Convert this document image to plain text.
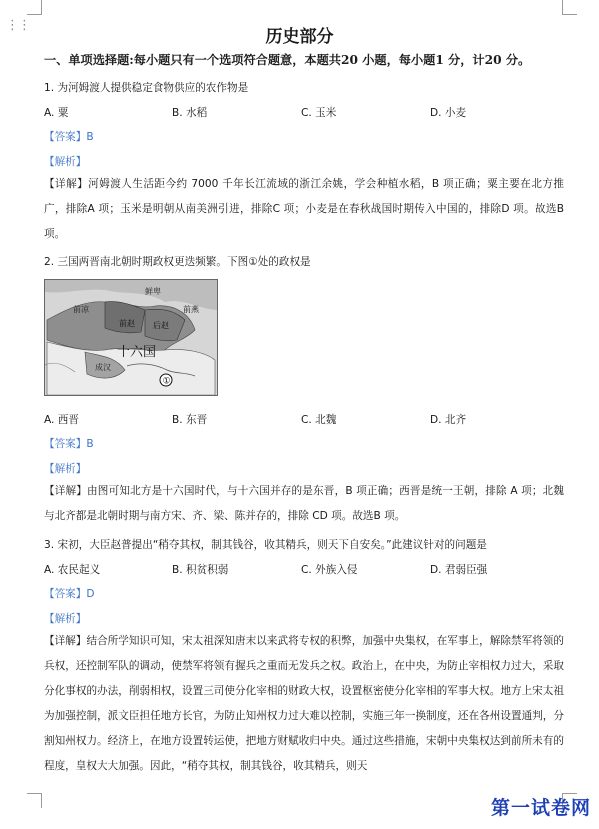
⋮⋮
历史部分
一、单项选择题:每小题只有一个选项符合题意，本题共20 小题，每小题1 分，计20 分。
1. 为河姆渡人提供稳定食物供应的农作物是
A. 粟	B. 水稻	C. 玉米	D. 小麦
【答案】B
【解析】
【详解】河姆渡人生活距今约 7000 千年长江流域的浙江余姚，学会种植水稻，B 项正确；粟主要在北方推广，排除A 项；玉米是明朝从南美洲引进，排除C 项；小麦是在春秋战国时期传入中国的，排除D 项。故选B 项。
2. 三国两晋南北朝时期政权更迭频繁。下图①处的政权是
鲜卑
前凉
前赵 后赵
前燕
十六国
成汉
①
A. 西晋	B. 东晋	C. 北魏	D. 北齐
【答案】B
【解析】
【详解】由图可知北方是十六国时代，与十六国并存的是东晋，B 项正确；西晋是统一王朝，排除 A 项；北魏与北齐都是北朝时期与南方宋、齐、梁、陈并存的，排除 CD 项。故选B 项。
3. 宋初，大臣赵普提出“稍夺其权，制其钱谷，收其精兵，则天下自安矣。”此建议针对的问题是
A. 农民起义	B. 积贫积弱	C. 外族入侵	D. 君弱臣强
【答案】D
【解析】
【详解】结合所学知识可知，宋太祖深知唐末以来武将专权的积弊，加强中央集权，在军事上，解除禁军将领的兵权，还控制军队的调动，使禁军将领有握兵之重而无发兵之权。政治上，在中央，为防止宰相权力过大，采取分化事权的办法，削弱相权，设置三司使分化宰相的财政大权，设置枢密使分化宰相的军事大权。地方上宋太祖为加强控制，派文臣担任地方长官，为防止知州权力过大难以控制，实施三年一换制度，还在各州设置通判，分割知州权力。经济上，在地方设置转运使，把地方财赋收归中央。通过这些措施，宋朝中央集权达到前所未有的程度，皇权大大加强。因此，“稍夺其权，制其钱谷，收其精兵，则天
第一试卷网
